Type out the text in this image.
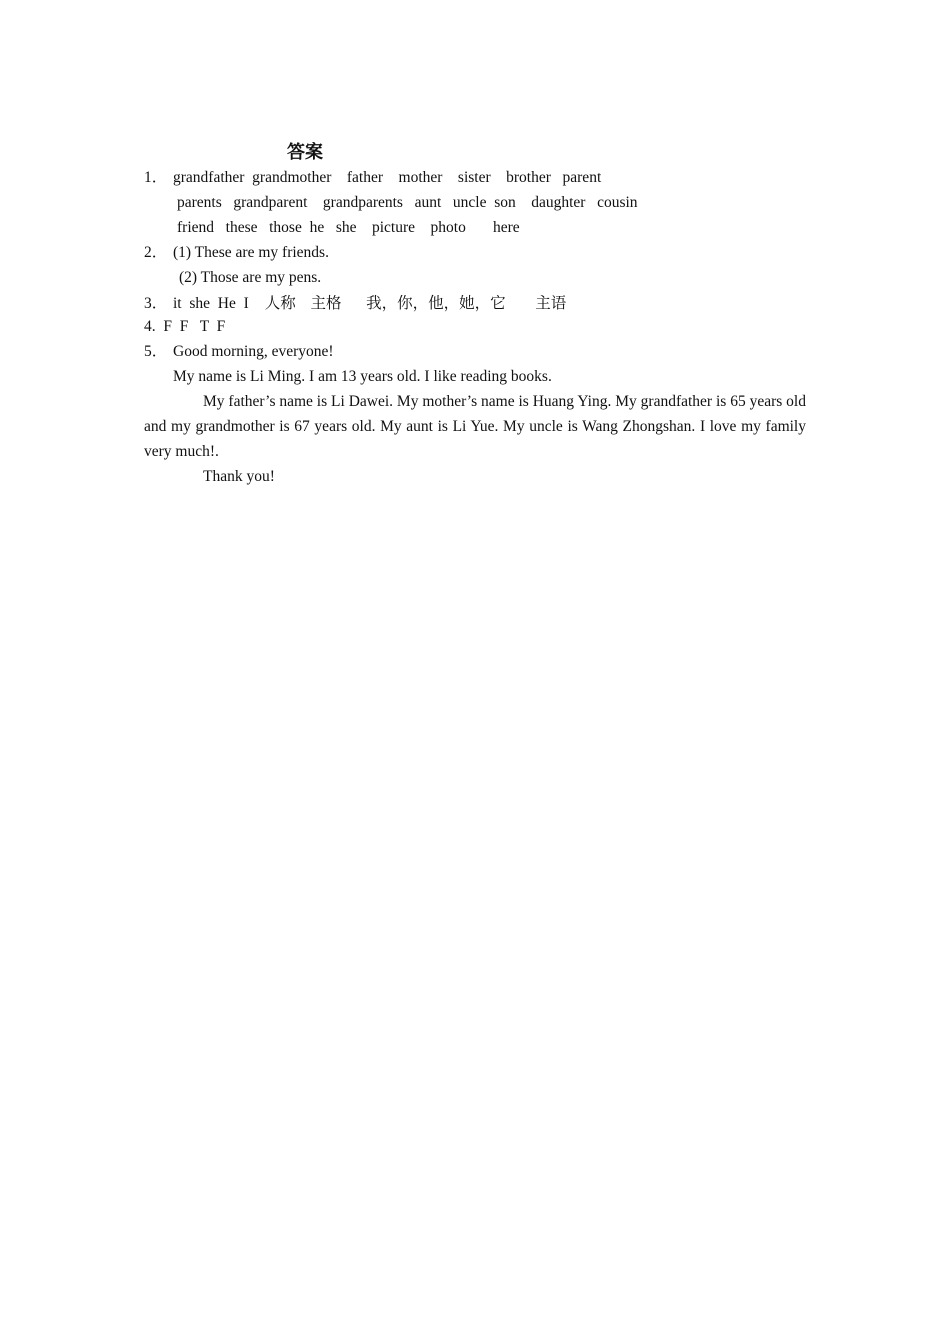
答案
1． grandfather  grandmother    father    mother    sister    brother   parent
parents   grandparent    grandparents   aunt   uncle  son    daughter   cousin
friend   these   those  he   she    picture    photo       here
2． (1) These are my friends.
(2) Those are my pens.
3． it  she  He  I 人称   主格     我，你，他，她，它      主语
4.  F  F   T  F
5． Good morning, everyone!
My name is Li Ming. I am 13 years old. I like reading books.
My father’s name is Li Dawei. My mother’s name is Huang Ying. My grandfather is 65 years old and my grandmother is 67 years old. My aunt is Li Yue. My uncle is Wang Zhongshan. I love my family very much!.
Thank you!
